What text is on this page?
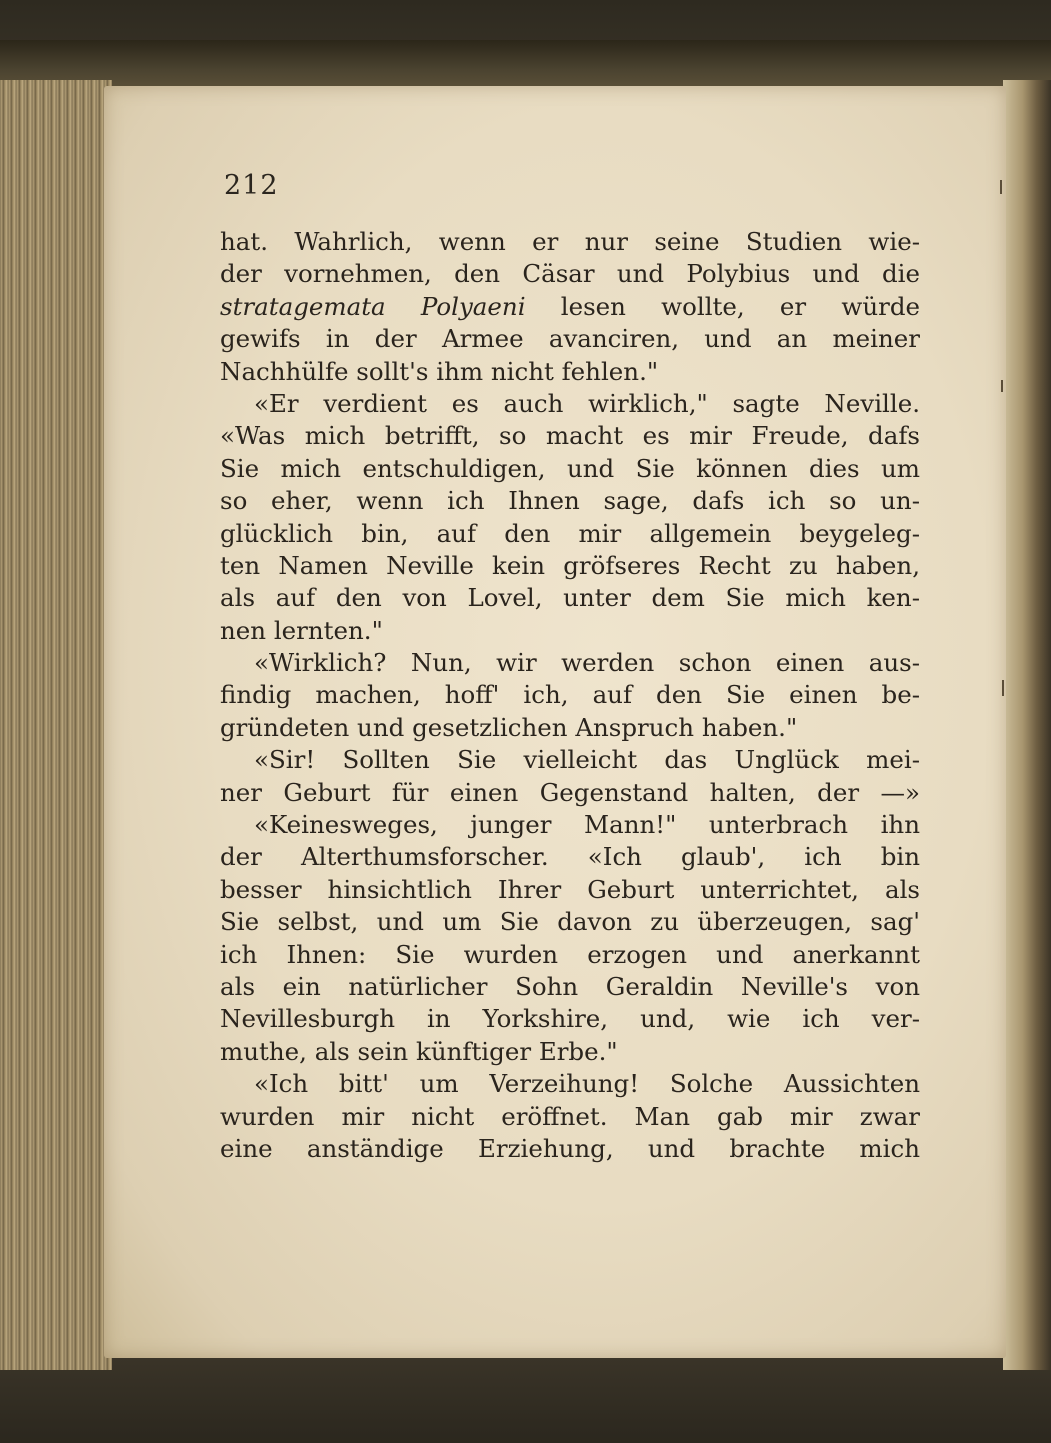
212
hat. Wahrlich, wenn er nur seine Studien wie-
der vornehmen, den Cäsar und Polybius und die
stratagemata Polyaeni lesen wollte, er würde
gewifs in der Armee avanciren, und an meiner
Nachhülfe sollt's ihm nicht fehlen."
«Er verdient es auch wirklich," sagte Neville.
«Was mich betrifft, so macht es mir Freude, dafs
Sie mich entschuldigen, und Sie können dies um
so eher, wenn ich Ihnen sage, dafs ich so un-
glücklich bin, auf den mir allgemein beygeleg-
ten Namen Neville kein gröfseres Recht zu haben,
als auf den von Lovel, unter dem Sie mich ken-
nen lernten."
«Wirklich? Nun, wir werden schon einen aus-
findig machen, hoff' ich, auf den Sie einen be-
gründeten und gesetzlichen Anspruch haben."
«Sir! Sollten Sie vielleicht das Unglück mei-
ner Geburt für einen Gegenstand halten, der —»
«Keinesweges, junger Mann!" unterbrach ihn
der Alterthumsforscher. «Ich glaub', ich bin
besser hinsichtlich Ihrer Geburt unterrichtet, als
Sie selbst, und um Sie davon zu überzeugen, sag'
ich Ihnen: Sie wurden erzogen und anerkannt
als ein natürlicher Sohn Geraldin Neville's von
Nevillesburgh in Yorkshire, und, wie ich ver-
muthe, als sein künftiger Erbe."
«Ich bitt' um Verzeihung! Solche Aussichten
wurden mir nicht eröffnet. Man gab mir zwar
eine anständige Erziehung, und brachte mich
